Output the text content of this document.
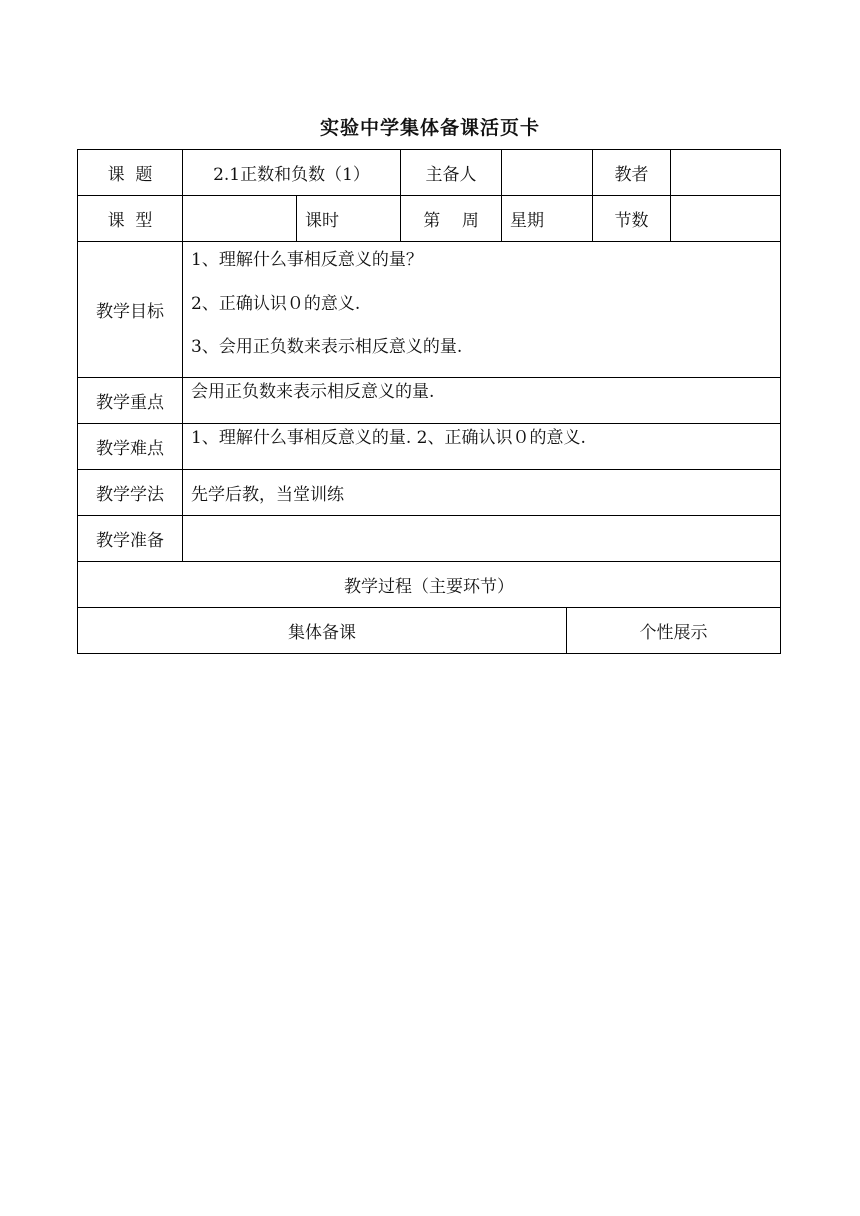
实验中学集体备课活页卡
课  题	2.1正数和负数（1）		主备人			教者	
课  型		课时	第    周	星期		节数	
教学目标	1、理解什么事相反意义的量？

2、正确认识０的意义.

3、会用正负数来表示相反意义的量.						

教学重点	会用正负数来表示相反意义的量.						
教学难点	1、理解什么事相反意义的量. 2、正确认识０的意义.						
教学学法	先学后教，当堂训练						
教学准备							
教学过程（主要环节）							
集体备课					个性展示		
